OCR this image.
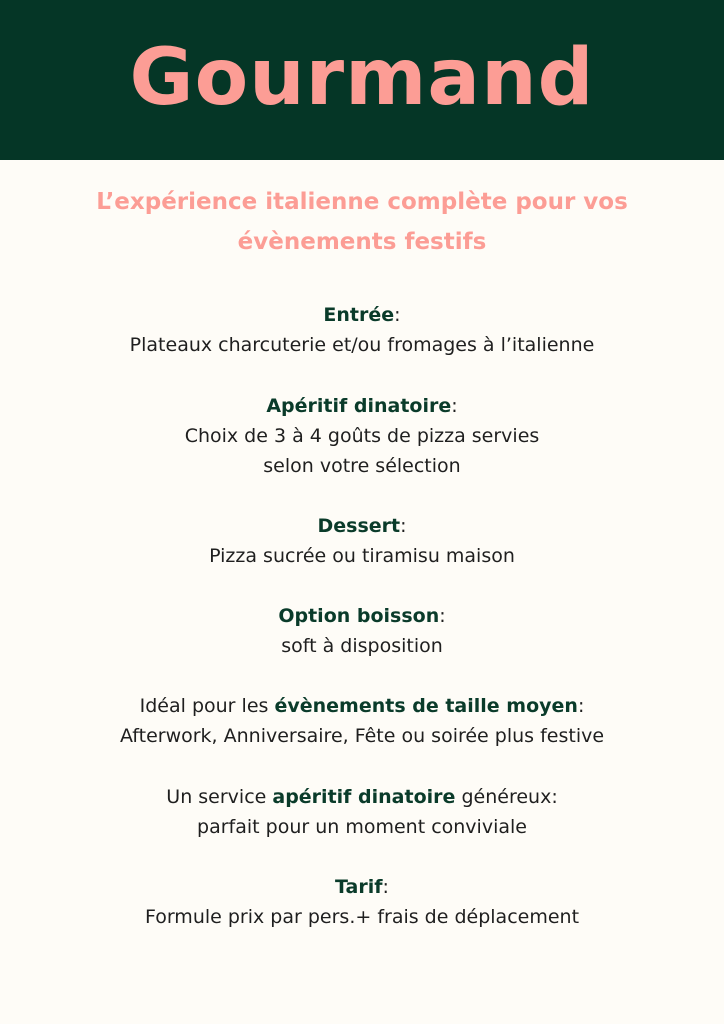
Gourmand
L’expérience italienne complète pour vos
évènements festifs
Entrée:
Plateaux charcuterie et/ou fromages à l’italienne
Apéritif dinatoire:
Choix de 3 à 4 goûts de pizza servies
selon votre sélection
Dessert:
Pizza sucrée ou tiramisu maison
Option boisson:
soft à disposition
Idéal pour les évènements de taille moyen:
Afterwork, Anniversaire, Fête ou soirée plus festive
Un service apéritif dinatoire généreux:
parfait pour un moment conviviale
Tarif:
Formule prix par pers.+ frais de déplacement
